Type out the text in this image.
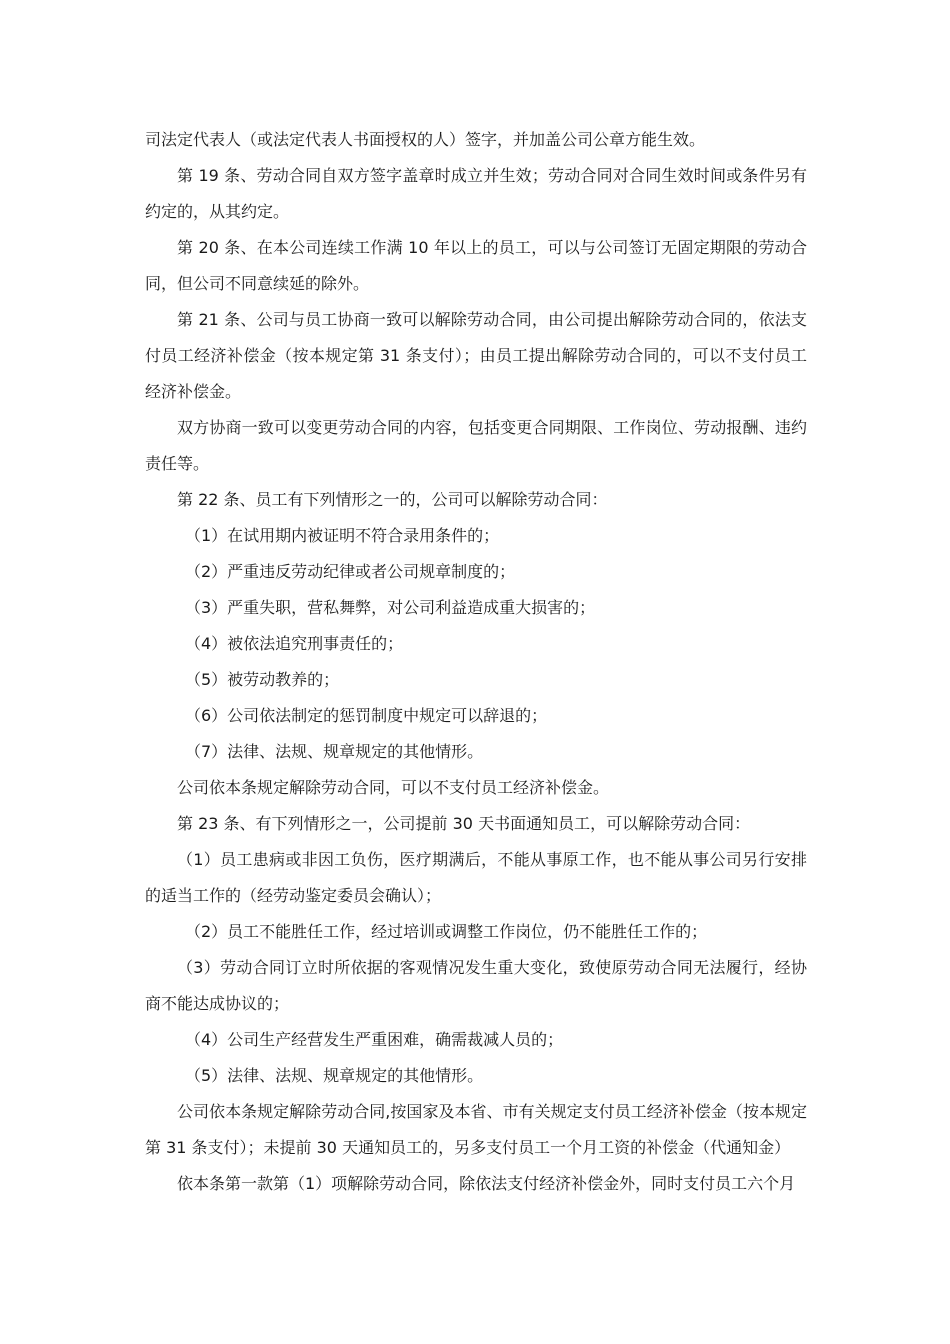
司法定代表人（或法定代表人书面授权的人）签字，并加盖公司公章方能生效。

第 19 条、劳动合同自双方签字盖章时成立并生效；劳动合同对合同生效时间或条件另有约定的，从其约定。

第 20 条、在本公司连续工作满 10 年以上的员工，可以与公司签订无固定期限的劳动合同，但公司不同意续延的除外。

第 21 条、公司与员工协商一致可以解除劳动合同，由公司提出解除劳动合同的，依法支付员工经济补偿金（按本规定第 31 条支付）；由员工提出解除劳动合同的，可以不支付员工经济补偿金。

双方协商一致可以变更劳动合同的内容，包括变更合同期限、工作岗位、劳动报酬、违约责任等。

第 22 条、员工有下列情形之一的，公司可以解除劳动合同：

（1）在试用期内被证明不符合录用条件的；

（2）严重违反劳动纪律或者公司规章制度的；

（3）严重失职，营私舞弊，对公司利益造成重大损害的；

（4）被依法追究刑事责任的；

（5）被劳动教养的；

（6）公司依法制定的惩罚制度中规定可以辞退的；

（7）法律、法规、规章规定的其他情形。

公司依本条规定解除劳动合同，可以不支付员工经济补偿金。

第 23 条、有下列情形之一，公司提前 30 天书面通知员工，可以解除劳动合同：

（1）员工患病或非因工负伤，医疗期满后，不能从事原工作，也不能从事公司另行安排的适当工作的（经劳动鉴定委员会确认）；

（2）员工不能胜任工作，经过培训或调整工作岗位，仍不能胜任工作的；

（3）劳动合同订立时所依据的客观情况发生重大变化，致使原劳动合同无法履行，经协商不能达成协议的；

（4）公司生产经营发生严重困难，确需裁减人员的；

（5）法律、法规、规章规定的其他情形。

公司依本条规定解除劳动合同,按国家及本省、市有关规定支付员工经济补偿金（按本规定第 31 条支付）；未提前 30 天通知员工的，另多支付员工一个月工资的补偿金（代通知金）

依本条第一款第（1）项解除劳动合同，除依法支付经济补偿金外，同时支付员工六个月
